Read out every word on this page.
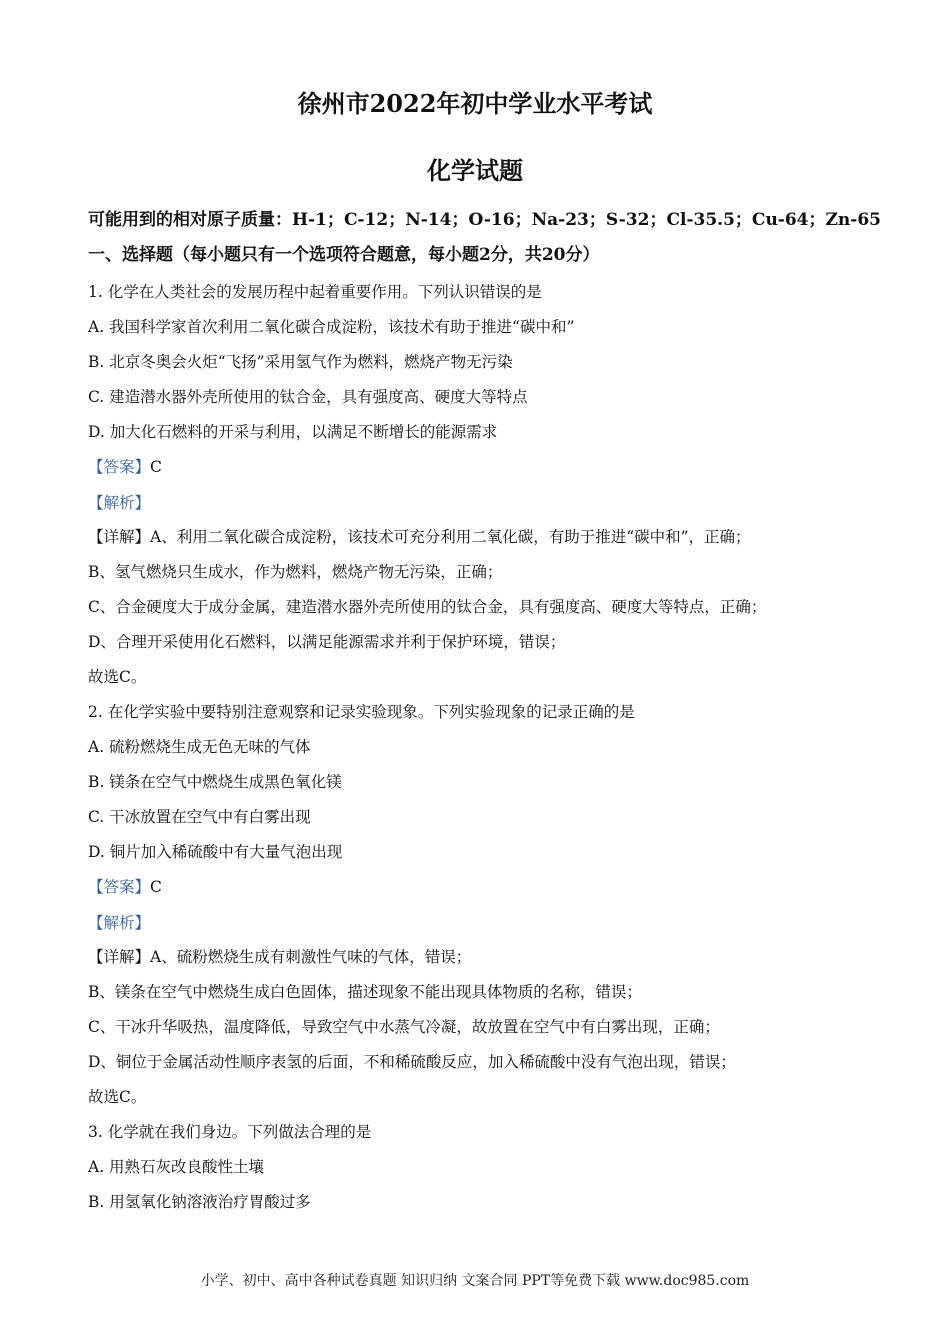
徐州市2022年初中学业水平考试
化学试题
可能用到的相对原子质量：H-1；C-12；N-14；O-16；Na-23；S-32；Cl-35.5；Cu-64；Zn-65
一、选择题（每小题只有一个选项符合题意，每小题2分，共20分）
1. 化学在人类社会的发展历程中起着重要作用。下列认识错误的是
A. 我国科学家首次利用二氧化碳合成淀粉，该技术有助于推进“碳中和”
B. 北京冬奥会火炬“飞扬”采用氢气作为燃料，燃烧产物无污染
C. 建造潜水器外壳所使用的钛合金，具有强度高、硬度大等特点
D. 加大化石燃料的开采与利用，以满足不断增长的能源需求
【答案】C
【解析】
【详解】A、利用二氧化碳合成淀粉，该技术可充分利用二氧化碳，有助于推进“碳中和”，正确；
B、氢气燃烧只生成水，作为燃料，燃烧产物无污染，正确；
C、合金硬度大于成分金属，建造潜水器外壳所使用的钛合金，具有强度高、硬度大等特点，正确；
D、合理开采使用化石燃料，以满足能源需求并利于保护环境，错误；
故选C。
2. 在化学实验中要特别注意观察和记录实验现象。下列实验现象的记录正确的是
A. 硫粉燃烧生成无色无味的气体
B. 镁条在空气中燃烧生成黑色氧化镁
C. 干冰放置在空气中有白雾出现
D. 铜片加入稀硫酸中有大量气泡出现
【答案】C
【解析】
【详解】A、硫粉燃烧生成有刺激性气味的气体，错误；
B、镁条在空气中燃烧生成白色固体，描述现象不能出现具体物质的名称，错误；
C、干冰升华吸热，温度降低，导致空气中水蒸气冷凝，故放置在空气中有白雾出现，正确；
D、铜位于金属活动性顺序表氢的后面，不和稀硫酸反应，加入稀硫酸中没有气泡出现，错误；
故选C。
3. 化学就在我们身边。下列做法合理的是
A. 用熟石灰改良酸性土壤
B. 用氢氧化钠溶液治疗胃酸过多
小学、初中、高中各种试卷真题 知识归纳 文案合同 PPT等免费下载 www.doc985.com
